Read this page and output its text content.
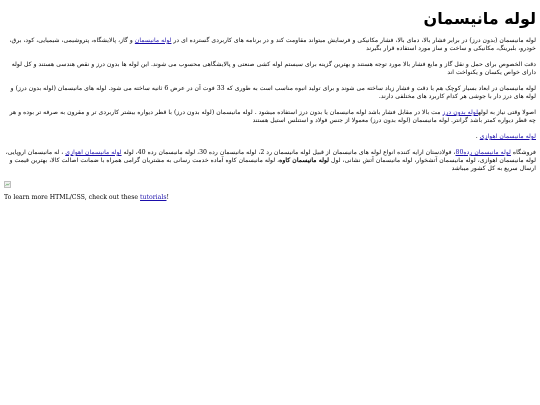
لوله مانیسمان

لوله مانیسمان (بدون درز) در برابر فشار بالا، دمای بالا، فشار مکانیکی و فرسایش میتواند مقاومت کند و در برنامه های کاربردی گسترده ای در لوله مانیسمان و گاز، پالایشگاه، پتروشیمی، شیمیایی، کود، برق، خودرو، بلبرینگ، مکانیکی و ساخت و ساز مورد استفاده قرار بگیرند

دقت الخصوص برای حمل و نقل گاز و مایع فشار بالا مورد توجه هستند و بهترین گزینه برای سیستم لوله کشی صنعتی و پالایشگاهی محسوب می شوند. این لوله ها بدون درز و نقص هندسی هستند و کل لوله دارای خواص یکسان و یکنواخت اند

لوله مانیسمان در ابعاد بسیار کوچک هم با دقت و فشار زیاد ساخته می شوند و برای تولید انبوه مناسب است به طوری که 33 فوت آن در عرض 6 ثانیه ساخته می شود. لوله های مانیسمان (لوله بدون درز) و لوله های درز دار با جوشی هر کدام کاربرد های مختلفی دارند.

اصولا وقتی نیاز به لولهلوله بدون درز مت بالا در مقابل فشار باشد لوله مانیسمان یا بدون درز استفاده میشود . لوله مانیسمان (لوله بدون درز) با قطر دیواره بیشتر کاربردی تر و مقرون به صرفه تر بوده و هر چه قطر دیواره کمتر باشد گرانتر. لوله مانیسمان (لوله بدون درز) معمولا از جنس فولاد و استنلس استیل هستند

لوله مانیسمان اهوازی .

فروشگاه لوله مانیسمان رده80، فولادستان ارایه کننده انواع لوله های مانیسمان از قبیل لوله مانیسمان رد 2، لوله مانیسمان رده 30، لوله مانیسمان رده 40، لوله لوله مانیسمان اهوازی ، له مانیسمان اروپایی، لوله مانیسمان اهوازی، لوله مانیسمان آتشخوار، لوله مانیسمان آتش نشانی، لول لوله مانیسمان کاوه، لوله مانیسمان کاوه آماده خدمت رسانی به مشتریان گرامی همراه با ضمانت اصالت کالا، بهترین قیمت و ارسال سریع به کل کشور میباشد

To learn more HTML/CSS, check out these tutorials!
